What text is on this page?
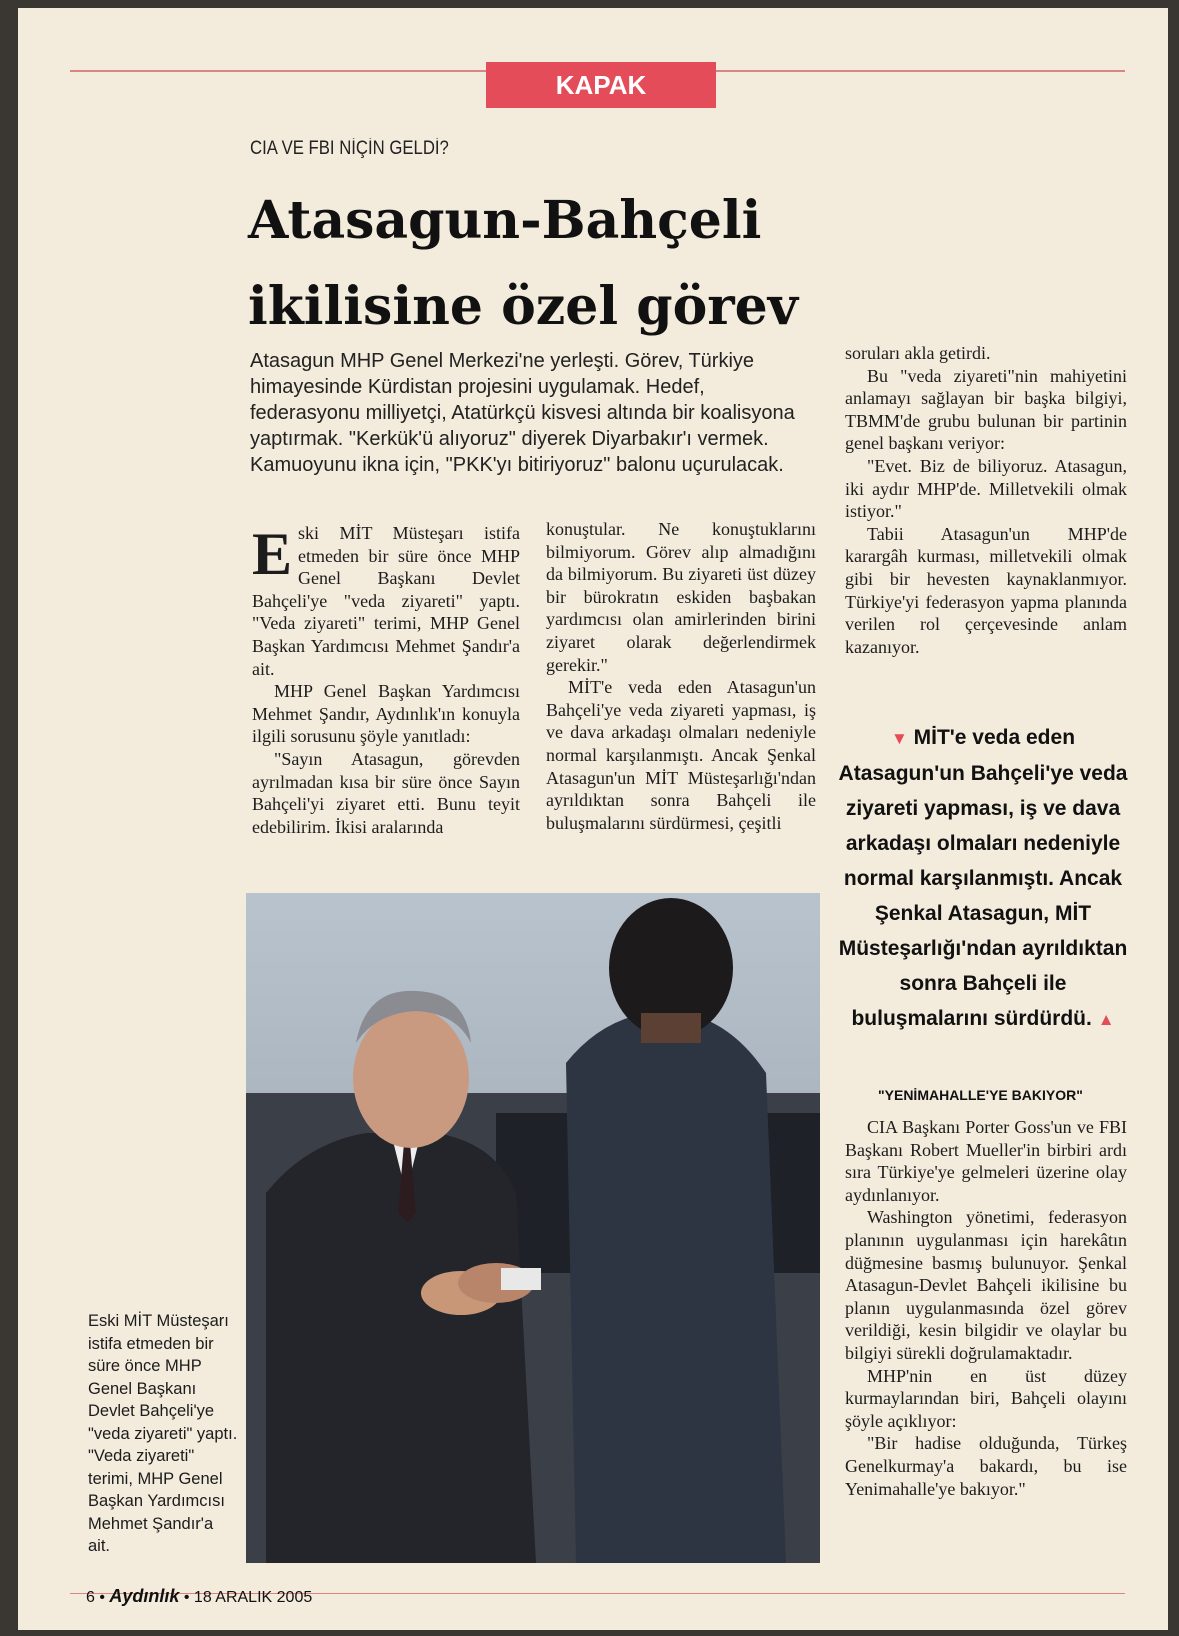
KAPAK
CIA VE FBI NİÇİN GELDİ?
Atasagun-Bahçeli ikilisine özel görev

Atasagun MHP Genel Merkezi'ne yerleşti. Görev, Türkiye himayesinde Kürdistan projesini uygulamak. Hedef, federasyonu milliyetçi, Atatürkçü kisvesi altında bir koalisyona yaptırmak. "Kerkük'ü alıyoruz" diyerek Diyarbakır'ı vermek. Kamuoyunu ikna için, "PKK'yı bitiriyoruz" balonu uçurulacak.

Eski MİT Müsteşarı istifa etmeden bir süre önce MHP Genel Başkanı Devlet Bahçeli'ye "veda ziyareti" yaptı. "Veda ziyareti" terimi, MHP Genel Başkan Yardımcısı Mehmet Şandır'a ait.

MHP Genel Başkan Yardımcısı Mehmet Şandır, Aydınlık'ın konuyla ilgili sorusunu şöyle yanıtladı:

"Sayın Atasagun, görevden ayrılmadan kısa bir süre önce Sayın Bahçeli'yi ziyaret etti. Bunu teyit edebilirim. İkisi aralarında

konuştular. Ne konuştuklarını bilmiyorum. Görev alıp almadığını da bilmiyorum. Bu ziyareti üst düzey bir bürokratın eskiden başbakan yardımcısı olan amirlerinden birini ziyaret olarak değerlendirmek gerekir."

MİT'e veda eden Atasagun'un Bahçeli'ye veda ziyareti yapması, iş ve dava arkadaşı olmaları nedeniyle normal karşılanmıştı. Ancak Şenkal Atasagun'un MİT Müsteşarlığı'ndan ayrıldıktan sonra Bahçeli ile buluşmalarını sürdürmesi, çeşitli

soruları akla getirdi.

Bu "veda ziyareti"nin mahiyetini anlamayı sağlayan bir başka bilgiyi, TBMM'de grubu bulunan bir partinin genel başkanı veriyor:

"Evet. Biz de biliyoruz. Atasagun, iki aydır MHP'de. Milletvekili olmak istiyor."

Tabii Atasagun'un MHP'de karargâh kurması, milletvekili olmak gibi bir hevesten kaynaklanmıyor. Türkiye'yi federasyon yapma planında verilen rol çerçevesinde anlam kazanıyor.

▼ MİT'e veda eden Atasagun'un Bahçeli'ye veda ziyareti yapması, iş ve dava arkadaşı olmaları nedeniyle normal karşılanmıştı. Ancak Şenkal Atasagun, MİT Müsteşarlığı'ndan ayrıldıktan sonra Bahçeli ile buluşmalarını sürdürdü. ▲

"YENİMAHALLE'YE BAKIYOR"

CIA Başkanı Porter Goss'un ve FBI Başkanı Robert Mueller'in birbiri ardı sıra Türkiye'ye gelmeleri üzerine olay aydınlanıyor.

Washington yönetimi, federasyon planının uygulanması için harekâtın düğmesine basmış bulunuyor. Şenkal Atasagun-Devlet Bahçeli ikilisine bu planın uygulanmasında özel görev verildiği, kesin bilgidir ve olaylar bu bilgiyi sürekli doğrulamaktadır.

MHP'nin en üst düzey kurmaylarından biri, Bahçeli olayını şöyle açıklıyor:

"Bir hadise olduğunda, Türkeş Genelkurmay'a bakardı, bu ise Yenimahalle'ye bakıyor."

Eski MİT Müsteşarı istifa etmeden bir süre önce MHP Genel Başkanı Devlet Bahçeli'ye "veda ziyareti" yaptı. "Veda ziyareti" terimi, MHP Genel Başkan Yardımcısı Mehmet Şandır'a ait.

6 • Aydınlık • 18 ARALIK 2005
